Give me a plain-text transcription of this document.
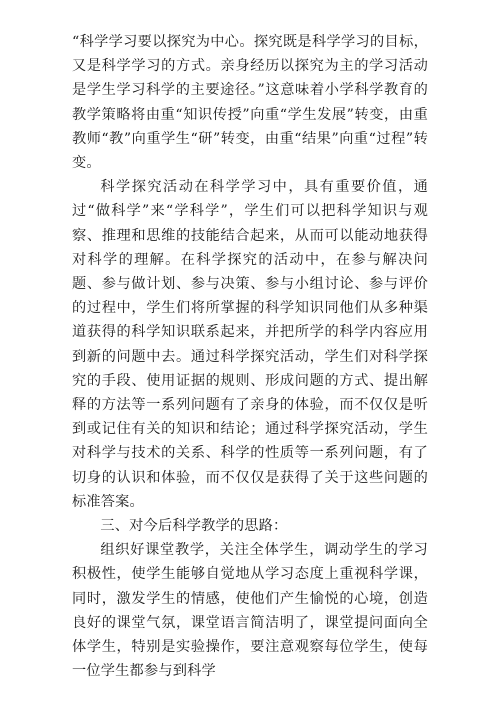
“科学学习要以探究为中心。探究既是科学学习的目标，又是科学学习的方式。亲身经历以探究为主的学习活动是学生学习科学的主要途径。”这意味着小学科学教育的教学策略将由重“知识传授”向重“学生发展”转变，由重教师“教”向重学生“研”转变，由重“结果”向重“过程”转变。

科学探究活动在科学学习中，具有重要价值，通过“做科学”来“学科学”，学生们可以把科学知识与观察、推理和思维的技能结合起来，从而可以能动地获得对科学的理解。在科学探究的活动中，在参与解决问题、参与做计划、参与决策、参与小组讨论、参与评价的过程中，学生们将所掌握的科学知识同他们从多种渠道获得的科学知识联系起来，并把所学的科学内容应用到新的问题中去。通过科学探究活动，学生们对科学探究的手段、使用证据的规则、形成问题的方式、提出解释的方法等一系列问题有了亲身的体验，而不仅仅是听到或记住有关的知识和结论；通过科学探究活动，学生对科学与技术的关系、科学的性质等一系列问题，有了切身的认识和体验，而不仅仅是获得了关于这些问题的标准答案。

三、对今后科学教学的思路：

组织好课堂教学，关注全体学生，调动学生的学习积极性，使学生能够自觉地从学习态度上重视科学课，同时，激发学生的情感，使他们产生愉悦的心境，创造良好的课堂气氛，课堂语言简洁明了，课堂提问面向全体学生，特别是实验操作，要注意观察每位学生，使每一位学生都参与到科学
